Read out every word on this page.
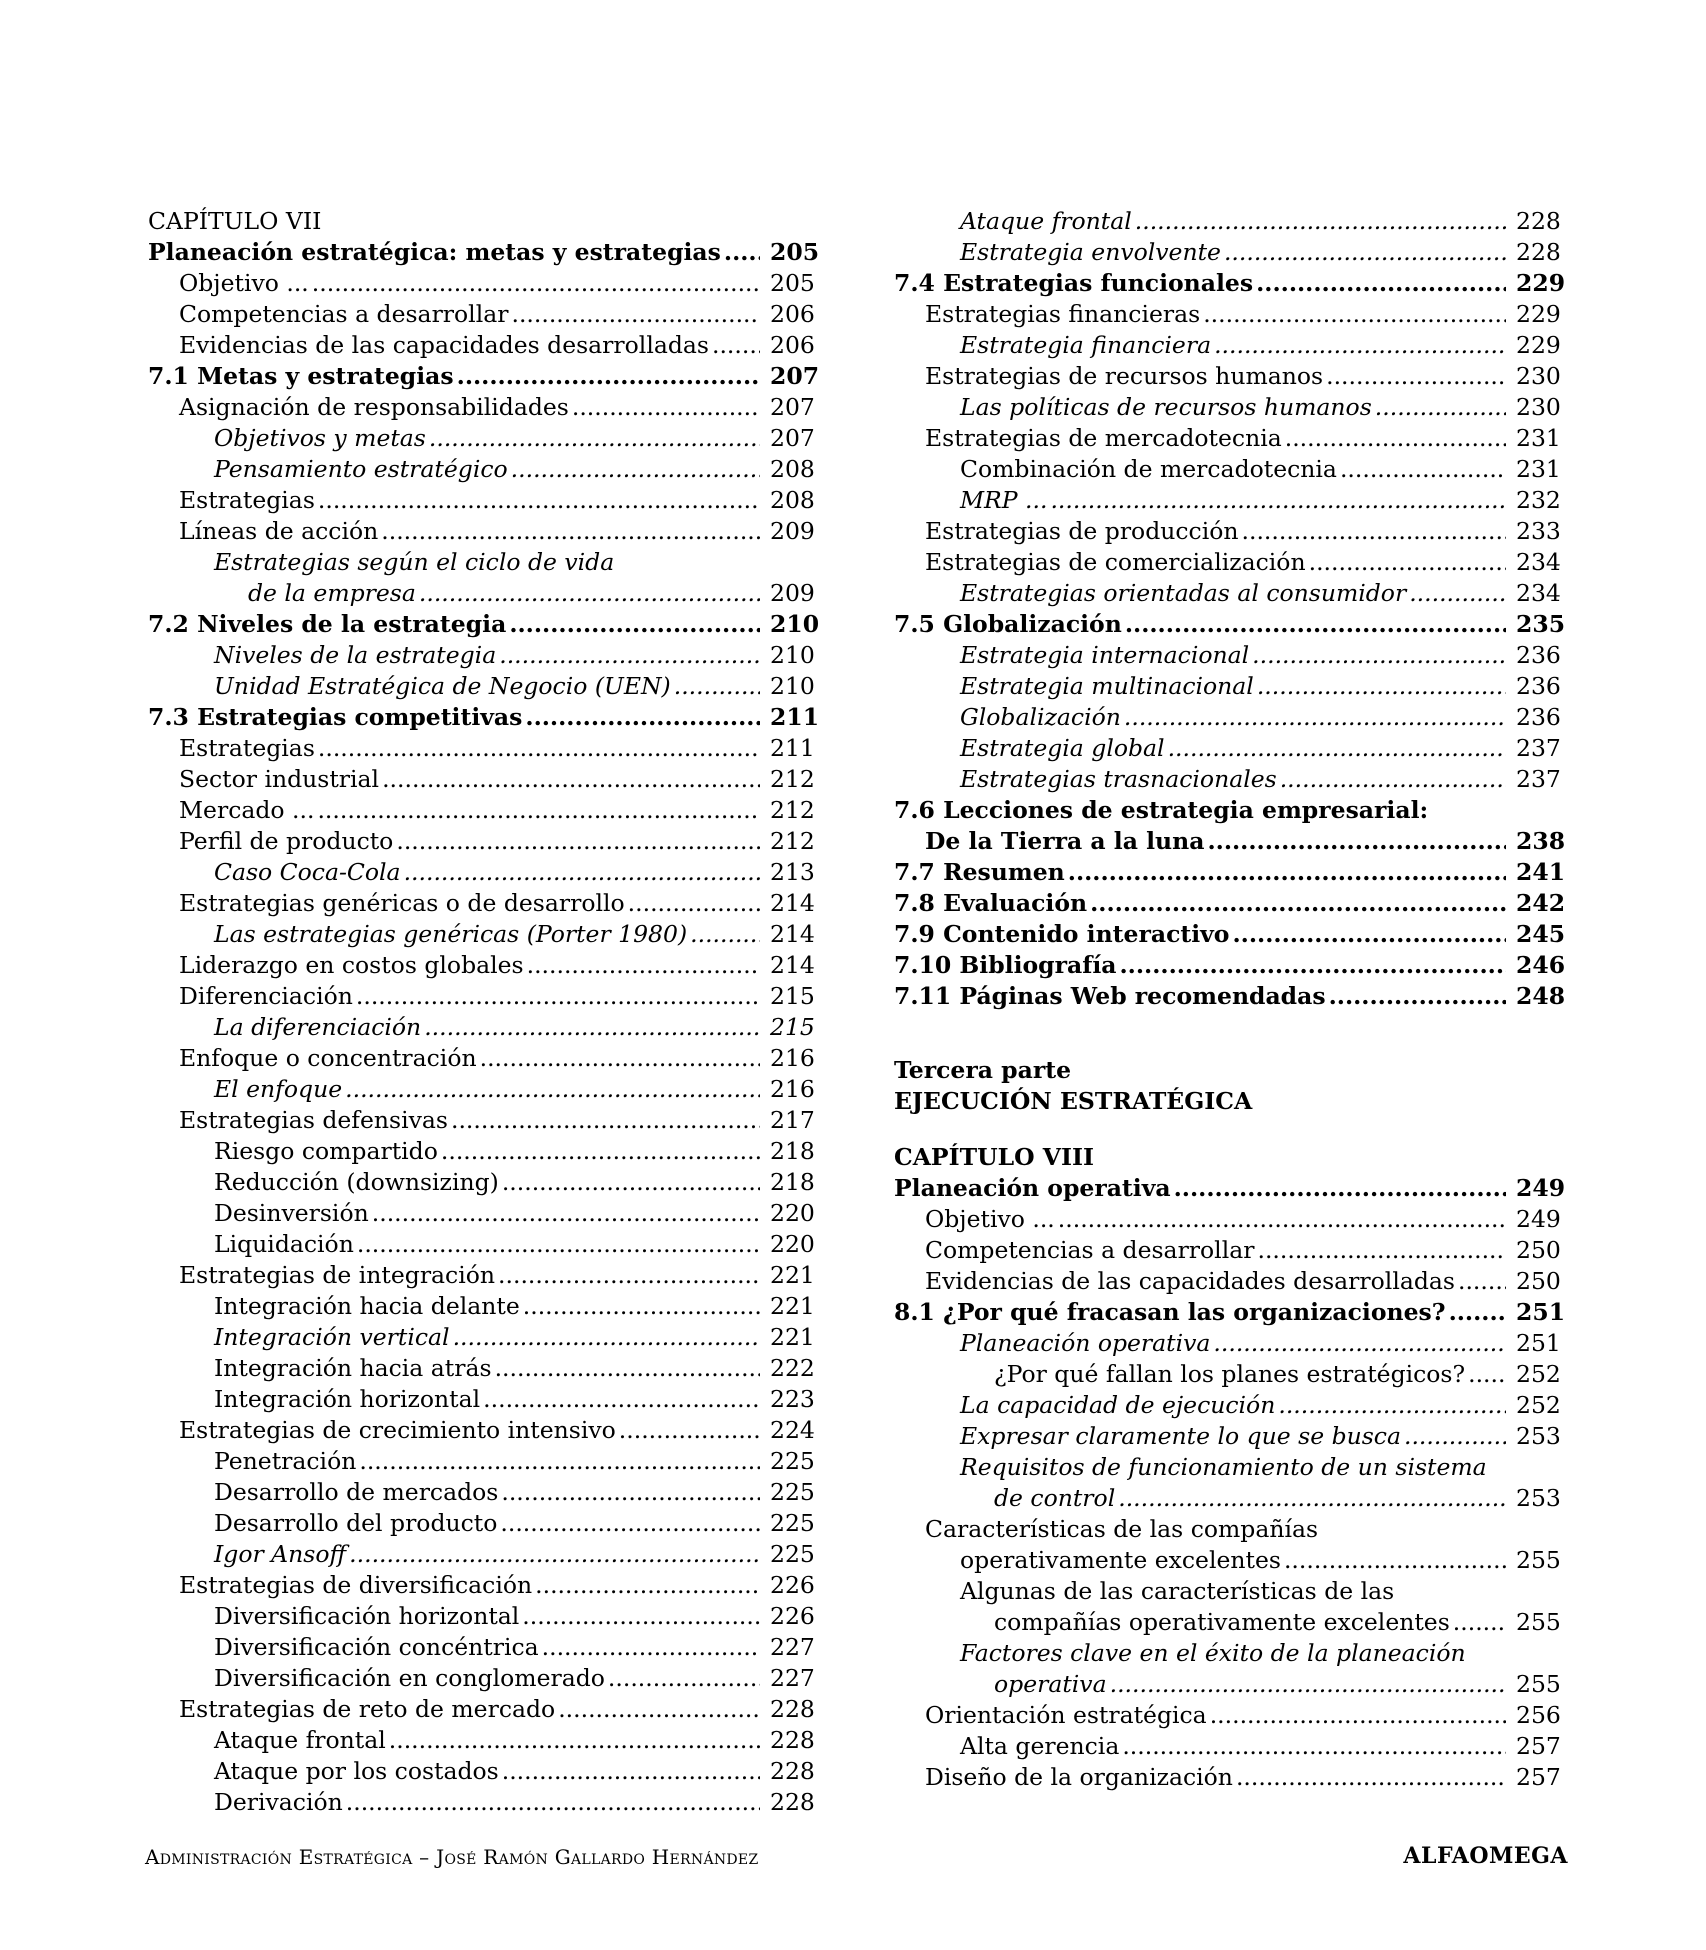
CAPÍTULO VII
Planeación estratégica: metas y estrategias ..... 205
Objetivo ... .....	205
Competencias a desarrollar .....	206
Evidencias de las capacidades desarrolladas .....	206
7.1 Metas y estrategias .....	207
Asignación de responsabilidades .....	207
Objetivos y metas .....	207
Pensamiento estratégico .....	208
Estrategias .....	208
Líneas de acción .....	209
Estrategias según el ciclo de vida
de la empresa .....	209
7.2 Niveles de la estrategia .....	210
Niveles de la estrategia .....	210
Unidad Estratégica de Negocio (UEN) .....	210
7.3 Estrategias competitivas .....	211
Estrategias .....	211
Sector industrial .....	212
Mercado ... .....	212
Perfil de producto .....	212
Caso Coca-Cola .....	213
Estrategias genéricas o de desarrollo .....	214
Las estrategias genéricas (Porter 1980) .....	214
Liderazgo en costos globales .....	214
Diferenciación .....	215
La diferenciación .....	215
Enfoque o concentración .....	216
El enfoque .....	216
Estrategias defensivas .....	217
Riesgo compartido .....	218
Reducción (downsizing) .....	218
Desinversión .....	220
Liquidación .....	220
Estrategias de integración .....	221
Integración hacia delante .....	221
Integración vertical .....	221
Integración hacia atrás .....	222
Integración horizontal .....	223
Estrategias de crecimiento intensivo .....	224
Penetración .....	225
Desarrollo de mercados .....	225
Desarrollo del producto .....	225
Igor Ansoff .....	225
Estrategias de diversificación .....	226
Diversificación horizontal .....	226
Diversificación concéntrica .....	227
Diversificación en conglomerado .....	227
Estrategias de reto de mercado .....	228
Ataque frontal .....	228
Ataque por los costados .....	228
Derivación .....	228
Ataque frontal .....	228
Estrategia envolvente .....	228
7.4 Estrategias funcionales .....	229
Estrategias financieras .....	229
Estrategia financiera .....	229
Estrategias de recursos humanos .....	230
Las políticas de recursos humanos .....	230
Estrategias de mercadotecnia .....	231
Combinación de mercadotecnia .....	231
MRP ... .....	232
Estrategias de producción .....	233
Estrategias de comercialización .....	234
Estrategias orientadas al consumidor .....	234
7.5 Globalización .....	235
Estrategia internacional .....	236
Estrategia multinacional .....	236
Globalización .....	236
Estrategia global .....	237
Estrategias trasnacionales .....	237
7.6 Lecciones de estrategia empresarial:
De la Tierra a la luna .....	238
7.7 Resumen .....	241
7.8 Evaluación .....	242
7.9 Contenido interactivo .....	245
7.10 Bibliografía .....	246
7.11 Páginas Web recomendadas .....	248
Tercera parte
EJECUCIÓN ESTRATÉGICA
CAPÍTULO VIII
Planeación operativa .....	249
Objetivo ... .....	249
Competencias a desarrollar .....	250
Evidencias de las capacidades desarrolladas .....	250
8.1 ¿Por qué fracasan las organizaciones? .....	251
Planeación operativa .....	251
¿Por qué fallan los planes estratégicos? ..... 252
La capacidad de ejecución .....	252
Expresar claramente lo que se busca .....	253
Requisitos de funcionamiento de un sistema
de control .....	253
Características de las compañías
operativamente excelentes .....	255
Algunas de las características de las
compañías operativamente excelentes .....	255
Factores clave en el éxito de la planeación
operativa .....	255
Orientación estratégica .....	256
Alta gerencia .....	257
Diseño de la organización .....	257
Administración Estratégica – José Ramón Gallardo Hernández	ALFAOMEGA
